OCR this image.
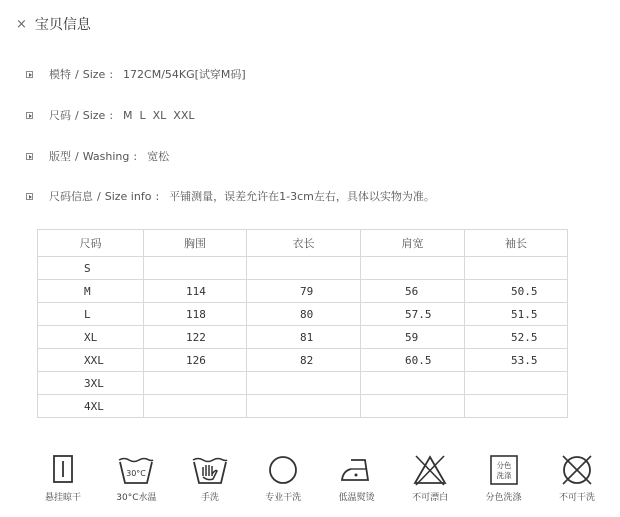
× 宝贝信息
模特 / Size : 172CM/54KG[试穿M码]
尺码 / Size : M  L  XL  XXL
版型 / Washing : 宽松
尺码信息 / Size info : 平铺测量，误差允许在1-3cm左右，具体以实物为准。
尺码	胸围	衣长	肩宽	袖长
S				
M	114	79	56	50.5
L	118	80	57.5	51.5
XL	122	81	59	52.5
XXL	126	82	60.5	53.5
3XL				
4XL				
悬挂晾干
30°C
30°C水温	手洗	专业干洗	低温熨烫	不可漂白
分色
洗涤
分色洗涤	不可干洗
